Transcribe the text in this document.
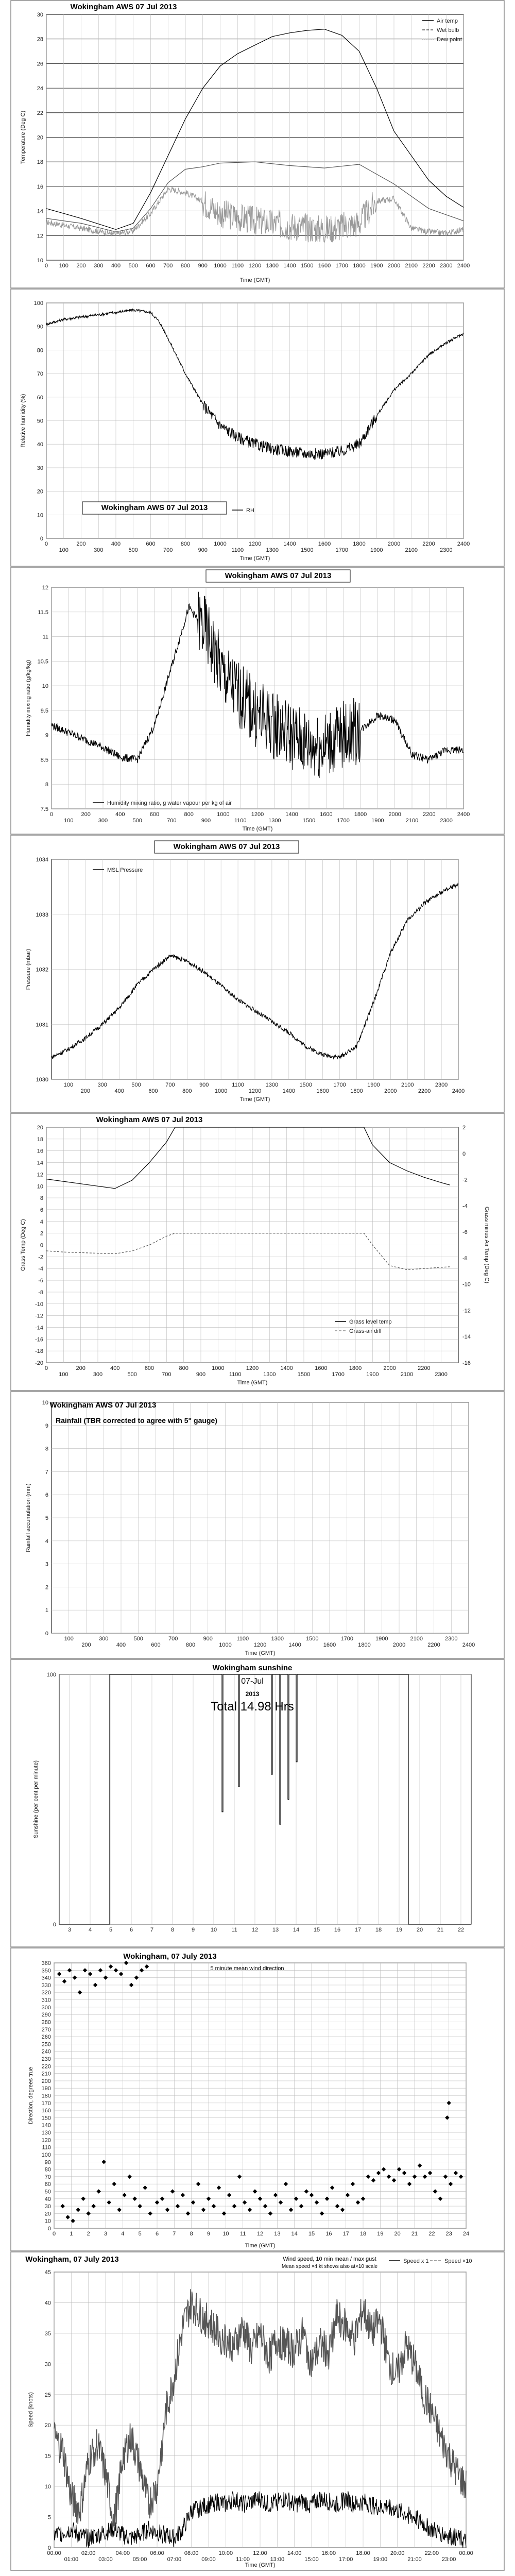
10
12
14
16
18
20
22
24
26
28
30
0 100 200 300 400 500 600 700 800 900 1000 1100 1200 1300 1400 1500 1600 1700 1800 1900 2000 2100 2200 2300 2400
Time (GMT)
Temperature (Deg C)
Wokingham AWS 07 Jul 2013
Air temp
Wet bulb
Dew point
0
10
20
30
40
50
60
70
80
90
100
0
100
200
300
400
500
600
700
800
900
1000
1100
1200
1300
1400
1500
1600
1700
1800
1900
2000
2100
2200
2300
2400
Time (GMT)
Relative humidity (%)
Wokingham AWS 07 Jul 2013	RH
7.5
8
8.5
9
9.5
10
10.5
11
11.5
12
0
100
200
300
400
500
600
700
800
900
1000
1100
1200
1300
1400
1500
1600
1700
1800
1900
2000
2100
2200
2300
2400
Time (GMT)
Humidity mixing ratio (g/kg/kg)
Wokingham AWS 07 Jul 2013
Humidity mixing ratio, g water vapour per kg of air
1030
1031
1032
1033
1034
100
200
300
400
500
600
700
800
900
1000
1100
1200
1300
1400
1500
1600
1700
1800
1900
2000
2100
2200
2300
2400
Time (GMT)
Pressure (mbar)
Wokingham AWS 07 Jul 2013
MSL Pressure
-20
-18
-16
-14
-12
-10
-8
-6
-4
-2
0
2
4
6
8
10
12
14
16
18
20
0
100
200
300
400
500
600
700
800
900
1000
1100
1200
1300
1400
1500
1600
1700
1800
1900
2000
2100
2200
2300
Time (GMT)
Grass Temp (Deg C)
-16
-14
-12
-10
-8
-6
-4
-2
0
2
Grass minus Air Temp (Deg C)
Wokingham AWS 07 Jul 2013
Grass level temp
Grass-air diff
0
1
2
3
4
5
6
7
8
9
10
100
200
300
400
500
600
700
800
900
1000
1100
1200
1300
1400
1500
1600
1700
1800
1900
2000
2100
2200
2300
2400
Time (GMT)
Rainfall accumulation (mm)
Wokingham AWS 07 Jul 2013
Rainfall (TBR corrected to agree with 5" gauge)
0
100
3	4	5	6	7	8	9	10	11	12	13	14	15	16	17	18	19	20	21	22
Sunshine (per cent per minute)
Wokingham sunshine
07-Jul
2013
Total 14.98 Hrs
0
10
20
30
40
50
60
70
80
90
100
110
120
130
140
150
160
170
180
190
200
210
220
230
240
250
260
270
280
290
300
310
320
330
340
350
360
0 1 2 3 4 5 6 7 8 9 10 11 12 13 14 15 16 17 18 19 20 21 22 23 24
Time (GMT)
Direction, degrees true
Wokingham, 07 July 2013
5 minute mean wind direction
0
5
10
15
20
25
30
35
40
45
00:00
01:00
02:00
03:00
04:00
05:00
06:00
07:00
08:00
09:00
10:00
11:00
12:00
13:00
14:00
15:00
16:00
17:00
18:00
19:00
20:00
21:00
22:00
23:00
00:00
Time (GMT)
Speed (knots)
Wokingham, 07 July 2013	Wind speed, 10 min mean / max gust
Mean speed ×4 kt shows also at×10 scale
Speed x 1	Speed ×10
